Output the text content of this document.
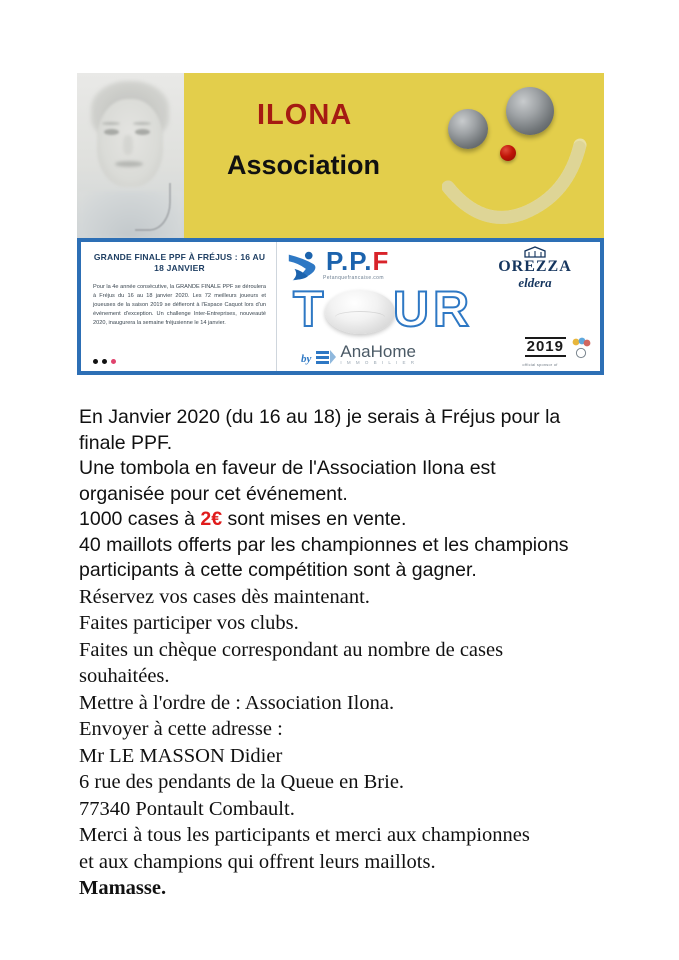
ILONA
Association
GRANDE FINALE PPF À FRÉJUS : 16 AU 18 JANVIER

Pour la 4e année consécutive, la GRANDE FINALE PPF se déroulera à Fréjus du 16 au 18 janvier 2020. Les 72 meilleurs joueurs et joueuses de la saison 2019 se défieront à l'Espace Caquot lors d'un événement d'exception. Un challenge Inter-Entreprises, nouveauté 2020, inaugurera la semaine fréjusienne le 14 janvier.

P.P.F
Petanquefrancaise.com
T U R
by AnaHome
I M M O B I L I E R
OREZZA
eldera
2019
official sponsor of

En Janvier 2020 (du 16 au 18) je serais à Fréjus pour la

finale PPF.

Une tombola en faveur de l'Association Ilona est

organisée pour cet événement.

1000 cases à 2€ sont mises en vente.

40 maillots offerts par les championnes et les champions

participants à cette compétition sont à gagner.

Réservez vos cases dès maintenant.

Faites participer vos clubs.

Faites un chèque correspondant au nombre de cases

souhaitées.

Mettre à l'ordre de : Association Ilona.

Envoyer à cette adresse :

Mr LE MASSON Didier

6 rue des pendants de la Queue en Brie.

77340 Pontault Combault.

Merci à tous les participants et merci aux championnes

et aux champions qui offrent leurs maillots.

Mamasse.
